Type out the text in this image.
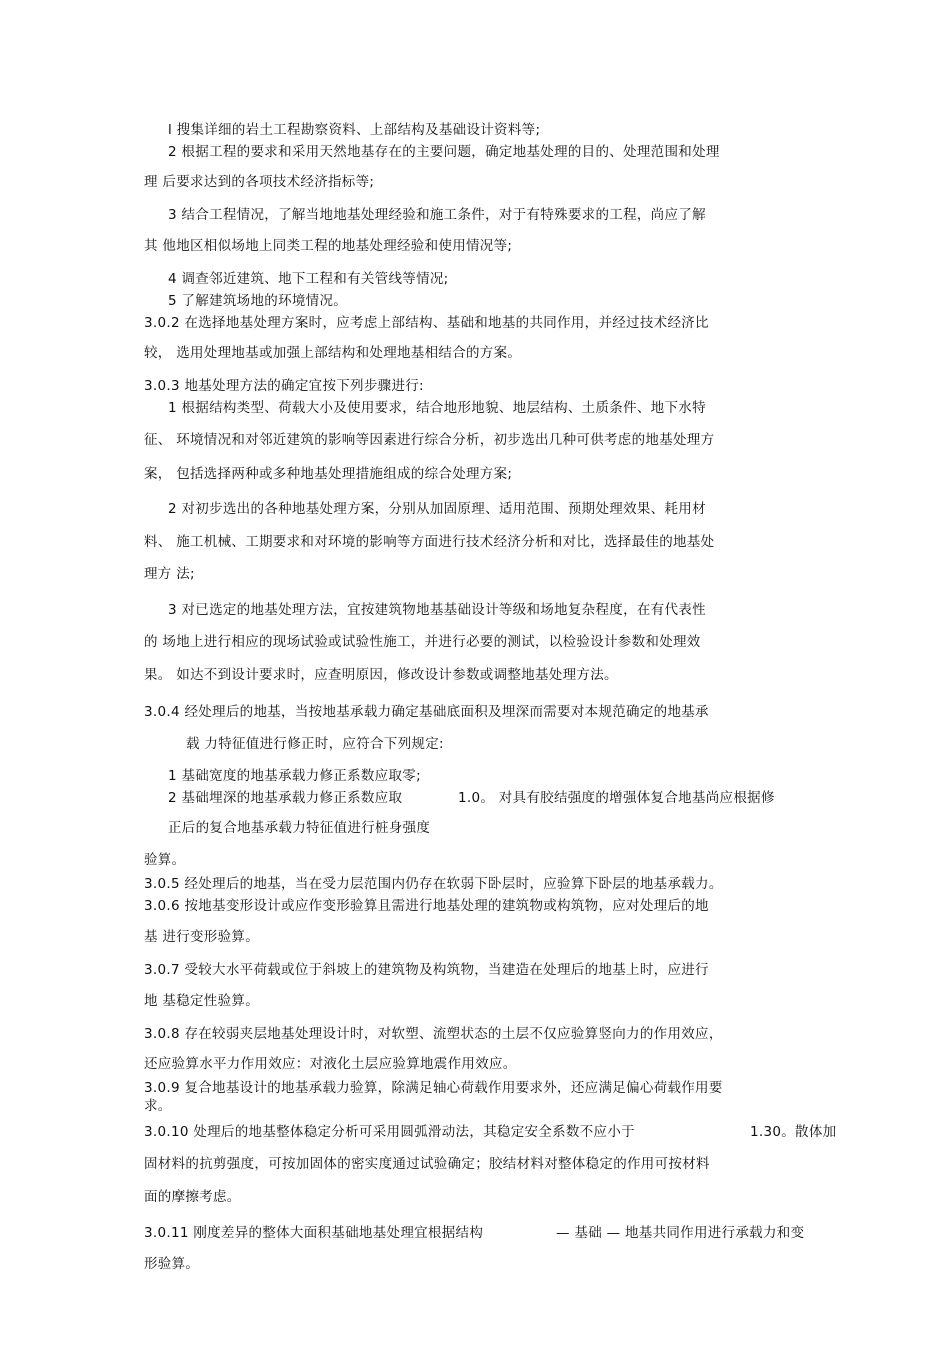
l 搜集详细的岩土工程勘察资料、上部结构及基础设计资料等;

2 根据工程的要求和采用天然地基存在的主要问题，确定地基处理的目的、处理范围和处理

理 后要求达到的各项技术经济指标等;

3 结合工程情况，了解当地地基处理经验和施工条件，对于有特殊要求的工程，尚应了解

其 他地区相似场地上同类工程的地基处理经验和使用情况等;

4 调查邻近建筑、地下工程和有关管线等情况;

5 了解建筑场地的环境情况。

3.0.2 在选择地基处理方案时，应考虑上部结构、基础和地基的共同作用，并经过技术经济比

较， 选用处理地基或加强上部结构和处理地基相结合的方案。

3.0.3 地基处理方法的确定宜按下列步骤进行:

1 根据结构类型、荷载大小及使用要求，结合地形地貌、地层结构、土质条件、地下水特

征、 环境情况和对邻近建筑的影响等因素进行综合分析，初步选出几种可供考虑的地基处理方

案， 包括选择两种或多种地基处理措施组成的综合处理方案;

2 对初步选出的各种地基处理方案，分别从加固原理、适用范围、预期处理效果、耗用材

料、 施工机械、工期要求和对环境的影响等方面进行技术经济分析和对比，选择最佳的地基处

理方 法;

3 对已选定的地基处理方法，宜按建筑物地基基础设计等级和场地复杂程度，在有代表性

的 场地上进行相应的现场试验或试验性施工，并进行必要的测试，以检验设计参数和处理效

果。 如达不到设计要求时，应查明原因，修改设计参数或调整地基处理方法。

3.0.4 经处理后的地基，当按地基承载力确定基础底面积及埋深而需要对本规范确定的地基承

载 力特征值进行修正时，应符合下列规定:

1 基础宽度的地基承载力修正系数应取零;

2 基础埋深的地基承载力修正系数应取	1.0。 对具有胶结强度的增强体复合地基尚应根据修

正后的复合地基承载力特征值进行桩身强度

验算。

3.0.5 经处理后的地基，当在受力层范围内仍存在软弱下卧层时，应验算下卧层的地基承载力。

3.0.6 按地基变形设计或应作变形验算且需进行地基处理的建筑物或构筑物，应对处理后的地

基 进行变形验算。

3.0.7 受较大水平荷载或位于斜坡上的建筑物及构筑物，当建造在处理后的地基上时，应进行

地 基稳定性验算。

3.0.8 存在较弱夹层地基处理设计时，对软塑、流塑状态的土层不仅应验算竖向力的作用效应，

还应验算水平力作用效应：对液化土层应验算地震作用效应。

3.0.9 复合地基设计的地基承载力验算，除满足轴心荷载作用要求外，还应满足偏心荷载作用要

求。

3.0.10 处理后的地基整体稳定分析可采用圆弧滑动法，其稳定安全系数不应小于	1.30。散体加

固材料的抗剪强度，可按加固体的密实度通过试验确定；胶结材料对整体稳定的作用可按材料

面的摩擦考虑。

3.0.11 刚度差异的整体大面积基础地基处理宜根据结构	— 基础 — 地基共同作用进行承载力和变

形验算。
